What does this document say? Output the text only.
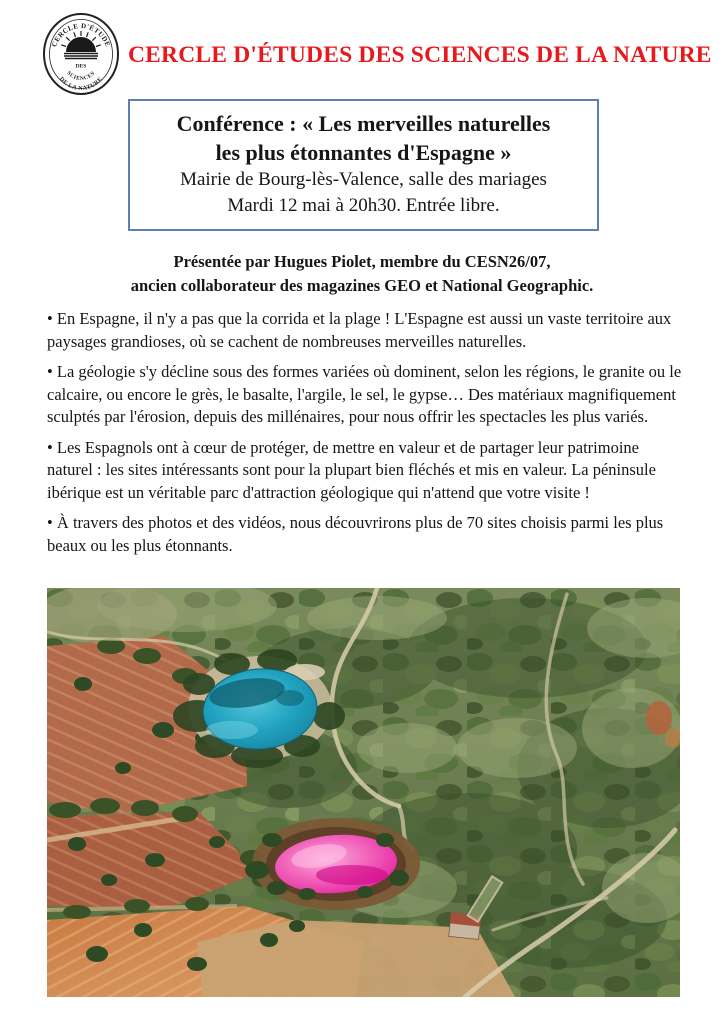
CERCLE D'ÉTUDE
DES
SCIENCES
DE LA NATURE
CERCLE D'ÉTUDES DES SCIENCES DE LA NATURE
Conférence : « Les merveilles naturelles
les plus étonnantes d'Espagne »
Mairie de Bourg-lès-Valence, salle des mariages
Mardi 12 mai à 20h30. Entrée libre.
Présentée par Hugues Piolet, membre du CESN26/07,
ancien collaborateur des magazines GEO et National Geographic.

• En Espagne, il n'y a pas que la corrida et la plage ! L'Espagne est aussi un vaste territoire aux paysages grandioses, où se cachent de nombreuses merveilles naturelles.

• La géologie s'y décline sous des formes variées où dominent, selon les régions, le granite ou le calcaire, ou encore le grès, le basalte, l'argile, le sel, le gypse… Des matériaux magnifiquement sculptés par l'érosion, depuis des millénaires, pour nous offrir les spectacles les plus variés.

• Les Espagnols ont à cœur de protéger, de mettre en valeur et de partager leur patrimoine naturel : les sites intéressants sont pour la plupart bien fléchés et mis en valeur. La péninsule ibérique est un véritable parc d'attraction géologique qui n'attend que votre visite !

• À travers des photos et des vidéos, nous découvrirons plus de 70 sites choisis parmi les plus beaux ou les plus étonnants.
